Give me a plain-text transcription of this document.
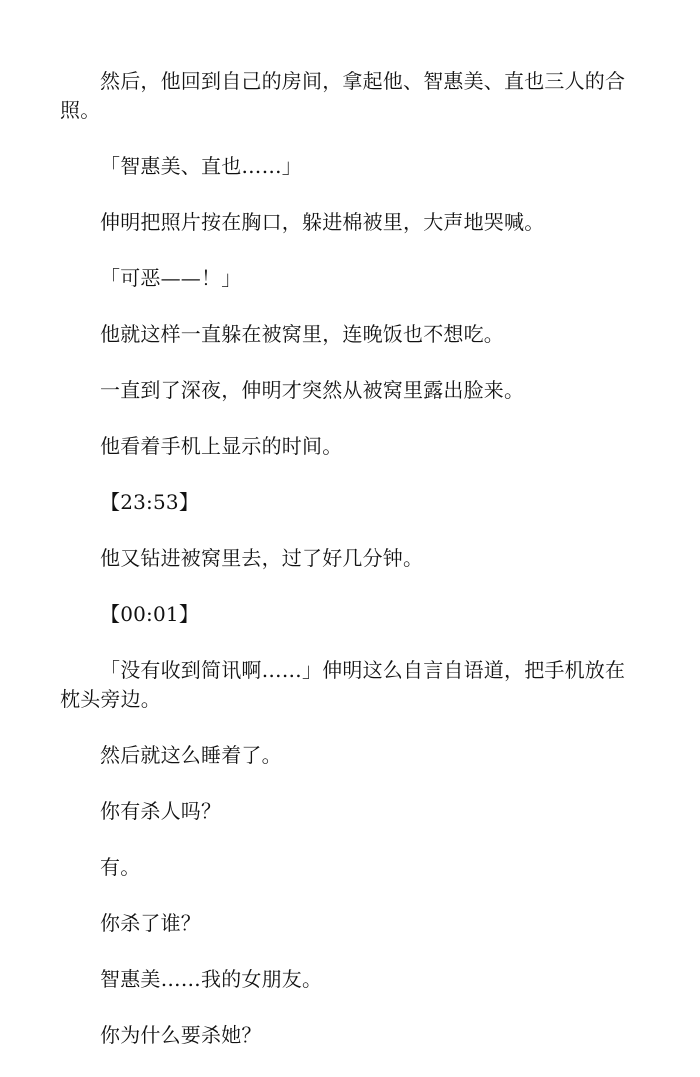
然后，他回到自己的房间，拿起他、智惠美、直也三人的合照。

「智惠美、直也……」

伸明把照片按在胸口，躲进棉被里，大声地哭喊。

「可恶——！」

他就这样一直躲在被窝里，连晚饭也不想吃。

一直到了深夜，伸明才突然从被窝里露出脸来。

他看着手机上显示的时间。

【23:53】

他又钻进被窝里去，过了好几分钟。

【00:01】

「没有收到简讯啊……」伸明这么自言自语道，把手机放在枕头旁边。

然后就这么睡着了。

你有杀人吗？

有。

你杀了谁？

智惠美……我的女朋友。

你为什么要杀她？
